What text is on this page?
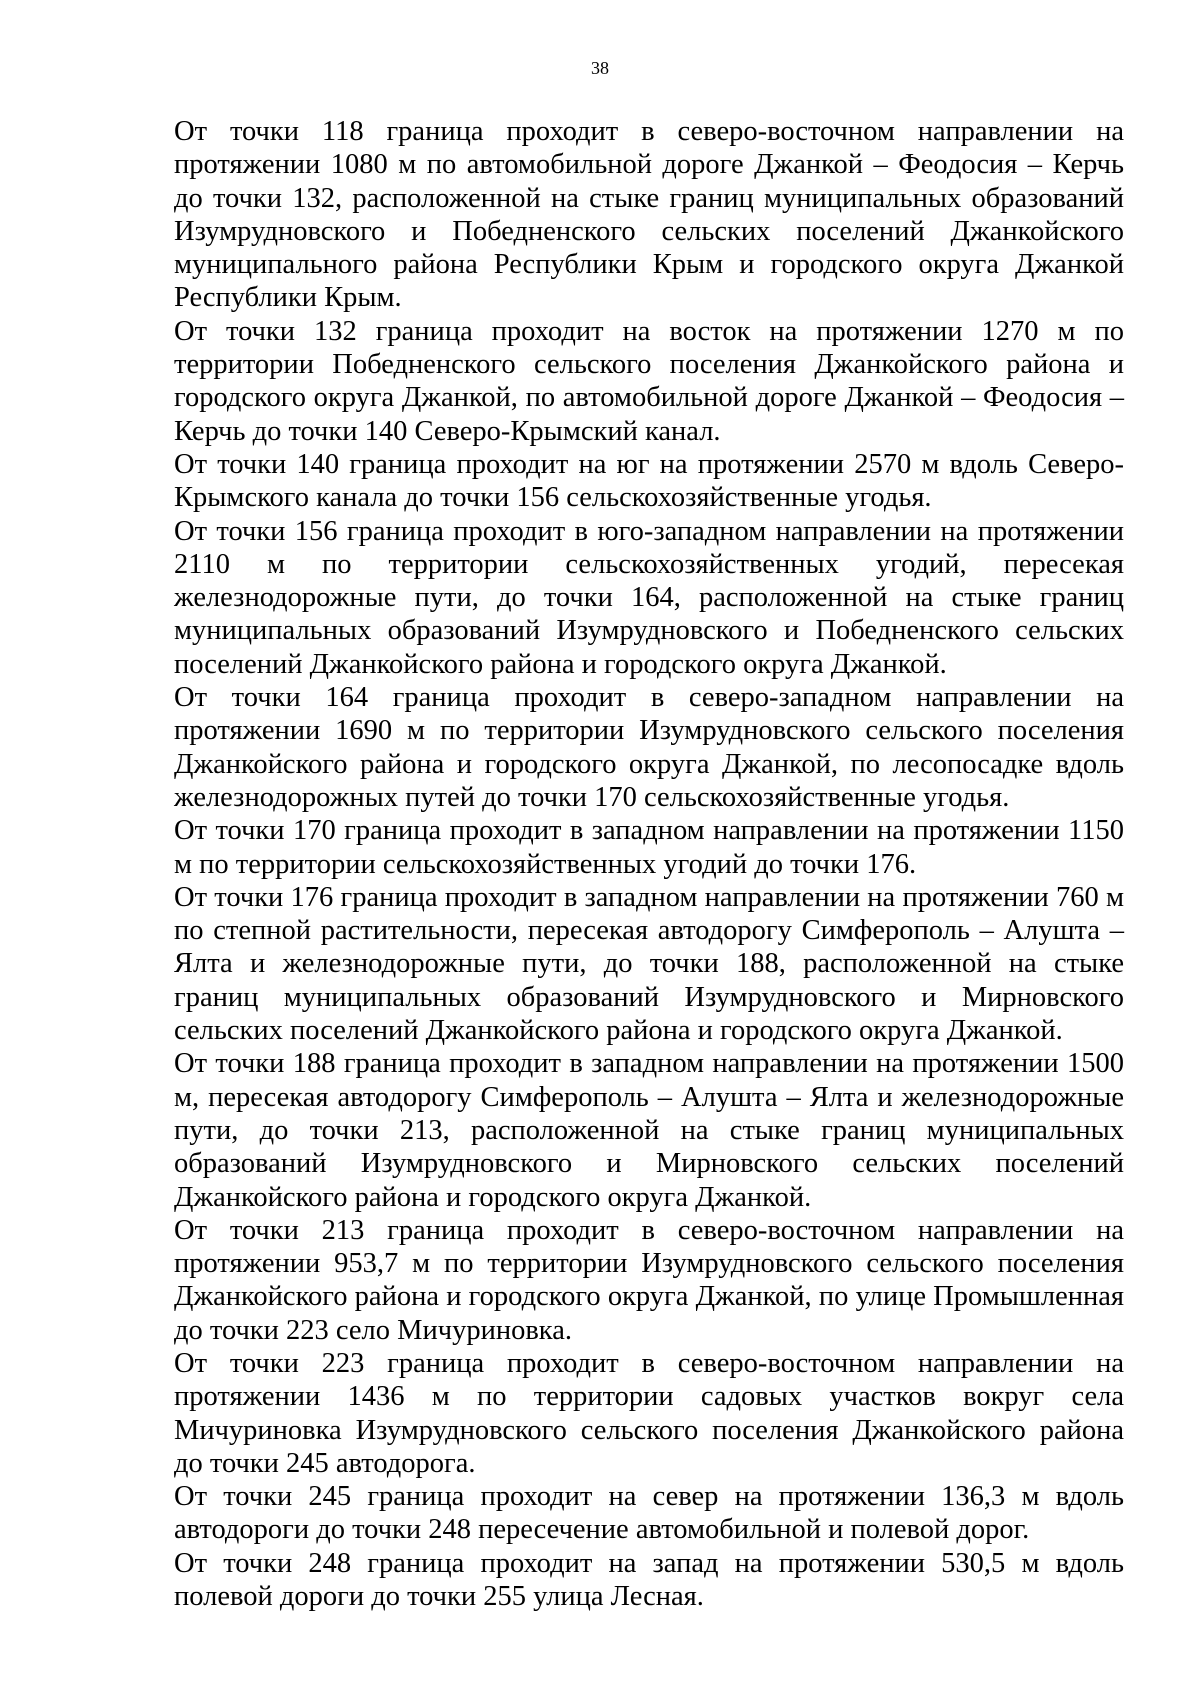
38

От точки 118 граница проходит в северо-восточном направлении на протяжении 1080 м по автомобильной дороге Джанкой – Феодосия – Керчь до точки 132, расположенной на стыке границ муниципальных образований Изумрудновского и Победненского сельских поселений Джанкойского муниципального района Республики Крым и городского округа Джанкой Республики Крым.

От точки 132 граница проходит на восток на протяжении 1270 м по территории Победненского сельского поселения Джанкойского района и городского округа Джанкой, по автомобильной дороге Джанкой – Феодосия – Керчь до точки 140 Северо-Крымский канал.

От точки 140 граница проходит на юг на протяжении 2570 м вдоль Северо-Крымского канала до точки 156 сельскохозяйственные угодья.

От точки 156 граница проходит в юго-западном направлении на протяжении 2110 м по территории сельскохозяйственных угодий, пересекая железнодорожные пути, до точки 164, расположенной на стыке границ муниципальных образований Изумрудновского и Победненского сельских поселений Джанкойского района и городского округа Джанкой.

От точки 164 граница проходит в северо-западном направлении на протяжении 1690 м по территории Изумрудновского сельского поселения Джанкойского района и городского округа Джанкой, по лесопосадке вдоль железнодорожных путей до точки 170 сельскохозяйственные угодья.

От точки 170 граница проходит в западном направлении на протяжении 1150 м по территории сельскохозяйственных угодий до точки 176.

От точки 176 граница проходит в западном направлении на протяжении 760 м по степной растительности, пересекая автодорогу Симферополь – Алушта – Ялта и железнодорожные пути, до точки 188, расположенной на стыке границ муниципальных образований Изумрудновского и Мирновского сельских поселений Джанкойского района и городского округа Джанкой.

От точки 188 граница проходит в западном направлении на протяжении 1500 м, пересекая автодорогу Симферополь – Алушта – Ялта и железнодорожные пути, до точки 213, расположенной на стыке границ муниципальных образований Изумрудновского и Мирновского сельских поселений Джанкойского района и городского округа Джанкой.

От точки 213 граница проходит в северо-восточном направлении на протяжении 953,7 м по территории Изумрудновского сельского поселения Джанкойского района и городского округа Джанкой, по улице Промышленная до точки 223 село Мичуриновка.

От точки 223 граница проходит в северо-восточном направлении на протяжении 1436 м по территории садовых участков вокруг села Мичуриновка Изумрудновского сельского поселения Джанкойского района до точки 245 автодорога.

От точки 245 граница проходит на север на протяжении 136,3 м вдоль автодороги до точки 248 пересечение автомобильной и полевой дорог.

От точки 248 граница проходит на запад на протяжении 530,5 м вдоль полевой дороги до точки 255 улица Лесная.
